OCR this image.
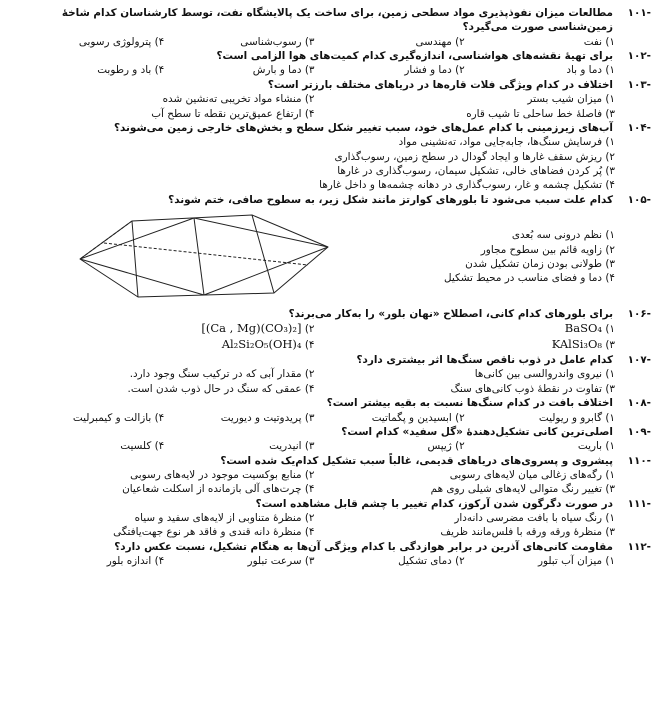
۱۰۱-
مطالعات میزان نفوذپذیری مواد سطحی زمین، برای ساخت یک پالایشگاه نفت، توسط کارشناسان کدام شاخهٔ زمین‌شناسی صورت می‌گیرد؟
۱) نفت
۲) مهندسی
۳) رسوب‌شناسی
۴) پترولوژی رسوبی
۱۰۲-
برای تهیهٔ نقشه‌های هواشناسی، اندازه‌گیری کدام کمیت‌های هوا الزامی است؟
۱) دما و باد
۲) دما و فشار
۳) دما و بارش
۴) باد و رطوبت
۱۰۳-
اختلاف در کدام ویژگی فلات قاره‌ها در دریاهای مختلف بارزتر است؟
۱) میزان شیب بستر
۲) منشاء مواد تخریبی ته‌نشین شده
۳) فاصلهٔ خط ساحلی تا شیب قاره
۴) ارتفاع عمیق‌ترین نقطه تا سطح آب
۱۰۴-
آب‌های زیرزمینی با کدام عمل‌های خود، سبب تغییر شکل سطح و بخش‌های خارجی زمین می‌شوند؟
۱) فرسایش سنگ‌ها، جابه‌جایی مواد، ته‌نشینی مواد
۲) ریزش سقف غارها و ایجاد گودال در سطح زمین، رسوب‌گذاری
۳) پُر کردن فضاهای خالی، تشکیل سیمان، رسوب‌گذاری در غارها
۴) تشکیل چشمه و غار، رسوب‌گذاری در دهانه چشمه‌ها و داخل غارها
۱۰۵-
کدام علت سبب می‌شود تا بلورهای کوارتز مانند شکل زیر، به سطوح صافی، ختم شوند؟
۱) نظم درونی سه بُعدی
۲) زاویه قائم بین سطوح مجاور
۳) طولانی بودن زمان تشکیل شدن
۴) دما و فضای مناسب در محیط تشکیل
۱۰۶-
برای بلورهای کدام کانی، اصطلاح «نهان بلور» را به‌کار می‌برند؟
۱) BaSO₄
۲) [(Ca , Mg)(CO₃)₂]
۳) KAlSi₃O₈
۴) Al₂Si₂O₅(OH)₄
۱۰۷-
کدام عامل در ذوب ناقص سنگ‌ها اثر بیشتری دارد؟
۱) نیروی واندروالسی بین کانی‌ها
۲) مقدار آبی که در ترکیب سنگ وجود دارد.
۳) تفاوت در نقطهٔ ذوب کانی‌های سنگ
۴) عمقی که سنگ در حال ذوب شدن است.
۱۰۸-
اختلاف بافت در کدام سنگ‌ها نسبت به بقیه بیشتر است؟
۱) گابرو و ریولیت
۲) ابسیدین و پگماتیت
۳) پریدوتیت و دیوریت
۴) بازالت و کیمبرلیت
۱۰۹-
اصلی‌ترین کانی تشکیل‌دهندهٔ «گل سفید» کدام است؟
۱) باریت
۲) ژیپس
۳) انیدریت
۴) کلسیت
۱۱۰-
پیشروی و پسروی‌های دریاهای قدیمی، غالباً سبب تشکیل کدام‌یک شده است؟
۱) رگه‌های زغالی میان لایه‌های رسوبی
۲) منابع بوکسیت موجود در لایه‌های رسوبی
۳) تغییر رنگ متوالی لایه‌های شیلی روی هم
۴) چرت‌های آلی بازمانده از اسکلت شعاعیان
۱۱۱-
در صورت دگرگون شدن آرکوز، کدام تغییر با چشم قابل مشاهده است؟
۱) رنگ سیاه با بافت مضرسی دانه‌دار
۲) منظرهٔ متناوبی از لایه‌های سفید و سیاه
۳) منظرهٔ ورقه ورقه با فلس‌مانند ظریف
۴) منظرهٔ دانه قندی و فاقد هر نوع جهت‌یافتگی
۱۱۲-
مقاومت کانی‌های آذرین در برابر هوازدگی با کدام ویژگی آن‌ها به هنگام تشکیل، نسبت عکس دارد؟
۱) میزان آب تبلور
۲) دمای تشکیل
۳) سرعت تبلور
۴) اندازه بلور
